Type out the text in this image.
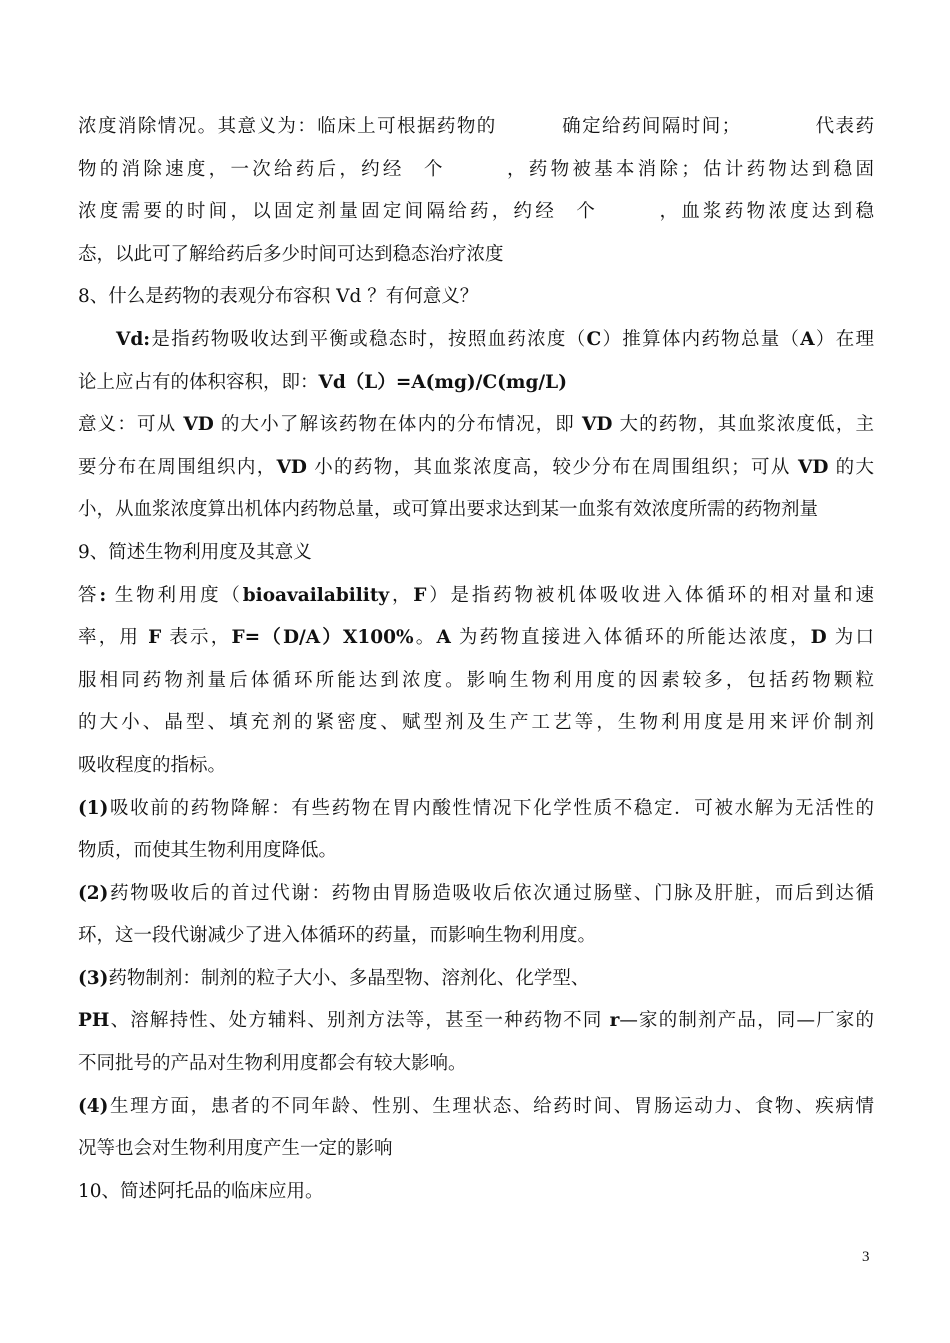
浓度消除情况。其意义为：临床上可根据药物的	确定给药间隔时间；	代表药
物的消除速度，一次给药后，约经 个	，药物被基本消除；估计药物达到稳固
浓度需要的时间，以固定剂量固定间隔给药，约经 个	，血浆药物浓度达到稳
态，以此可了解给药后多少时间可达到稳态治疗浓度
8、什么是药物的表观分布容积 Vd ？有何意义？
Vd:是指药物吸收达到平衡或稳态时，按照血药浓度（C）推算体内药物总量（A）在理
论上应占有的体积容积，即：Vd（L）=A(mg)/C(mg/L)
意义：可从 VD 的大小了解该药物在体内的分布情况，即 VD 大的药物，其血浆浓度低，主
要分布在周围组织内，VD 小的药物，其血浆浓度高，较少分布在周围组织；可从 VD 的大
小，从血浆浓度算出机体内药物总量，或可算出要求达到某一血浆有效浓度所需的药物剂量
9、简述生物利用度及其意义
答: 生物利用度（bioavailability，F）是指药物被机体吸收进入体循环的相对量和速
率，用 F 表示，F=（D/A）X100%。A 为药物直接进入体循环的所能达浓度，D 为口
服相同药物剂量后体循环所能达到浓度。影响生物利用度的因素较多，包括药物颗粒
的大小、晶型、填充剂的紧密度、赋型剂及生产工艺等，生物利用度是用来评价制剂
吸收程度的指标。
(1)吸收前的药物降解：有些药物在胃内酸性情况下化学性质不稳定．可被水解为无活性的
物质，而使其生物利用度降低。
(2)药物吸收后的首过代谢：药物由胃肠造吸收后依次通过肠壁、门脉及肝脏，而后到达循
环，这一段代谢减少了进入体循环的药量，而影响生物利用度。
(3)药物制剂：制剂的粒子大小、多晶型物、溶剂化、化学型、
PH、溶解持性、处方辅料、别剂方法等，甚至一种药物不同 r—家的制剂产品，同—厂家的
不同批号的产品对生物利用度都会有较大影响。
(4)生理方面，患者的不同年龄、性别、生理状态、给药时间、胃肠运动力、食物、疾病情
况等也会对生物利用度产生一定的影响
10、简述阿托品的临床应用。
3
